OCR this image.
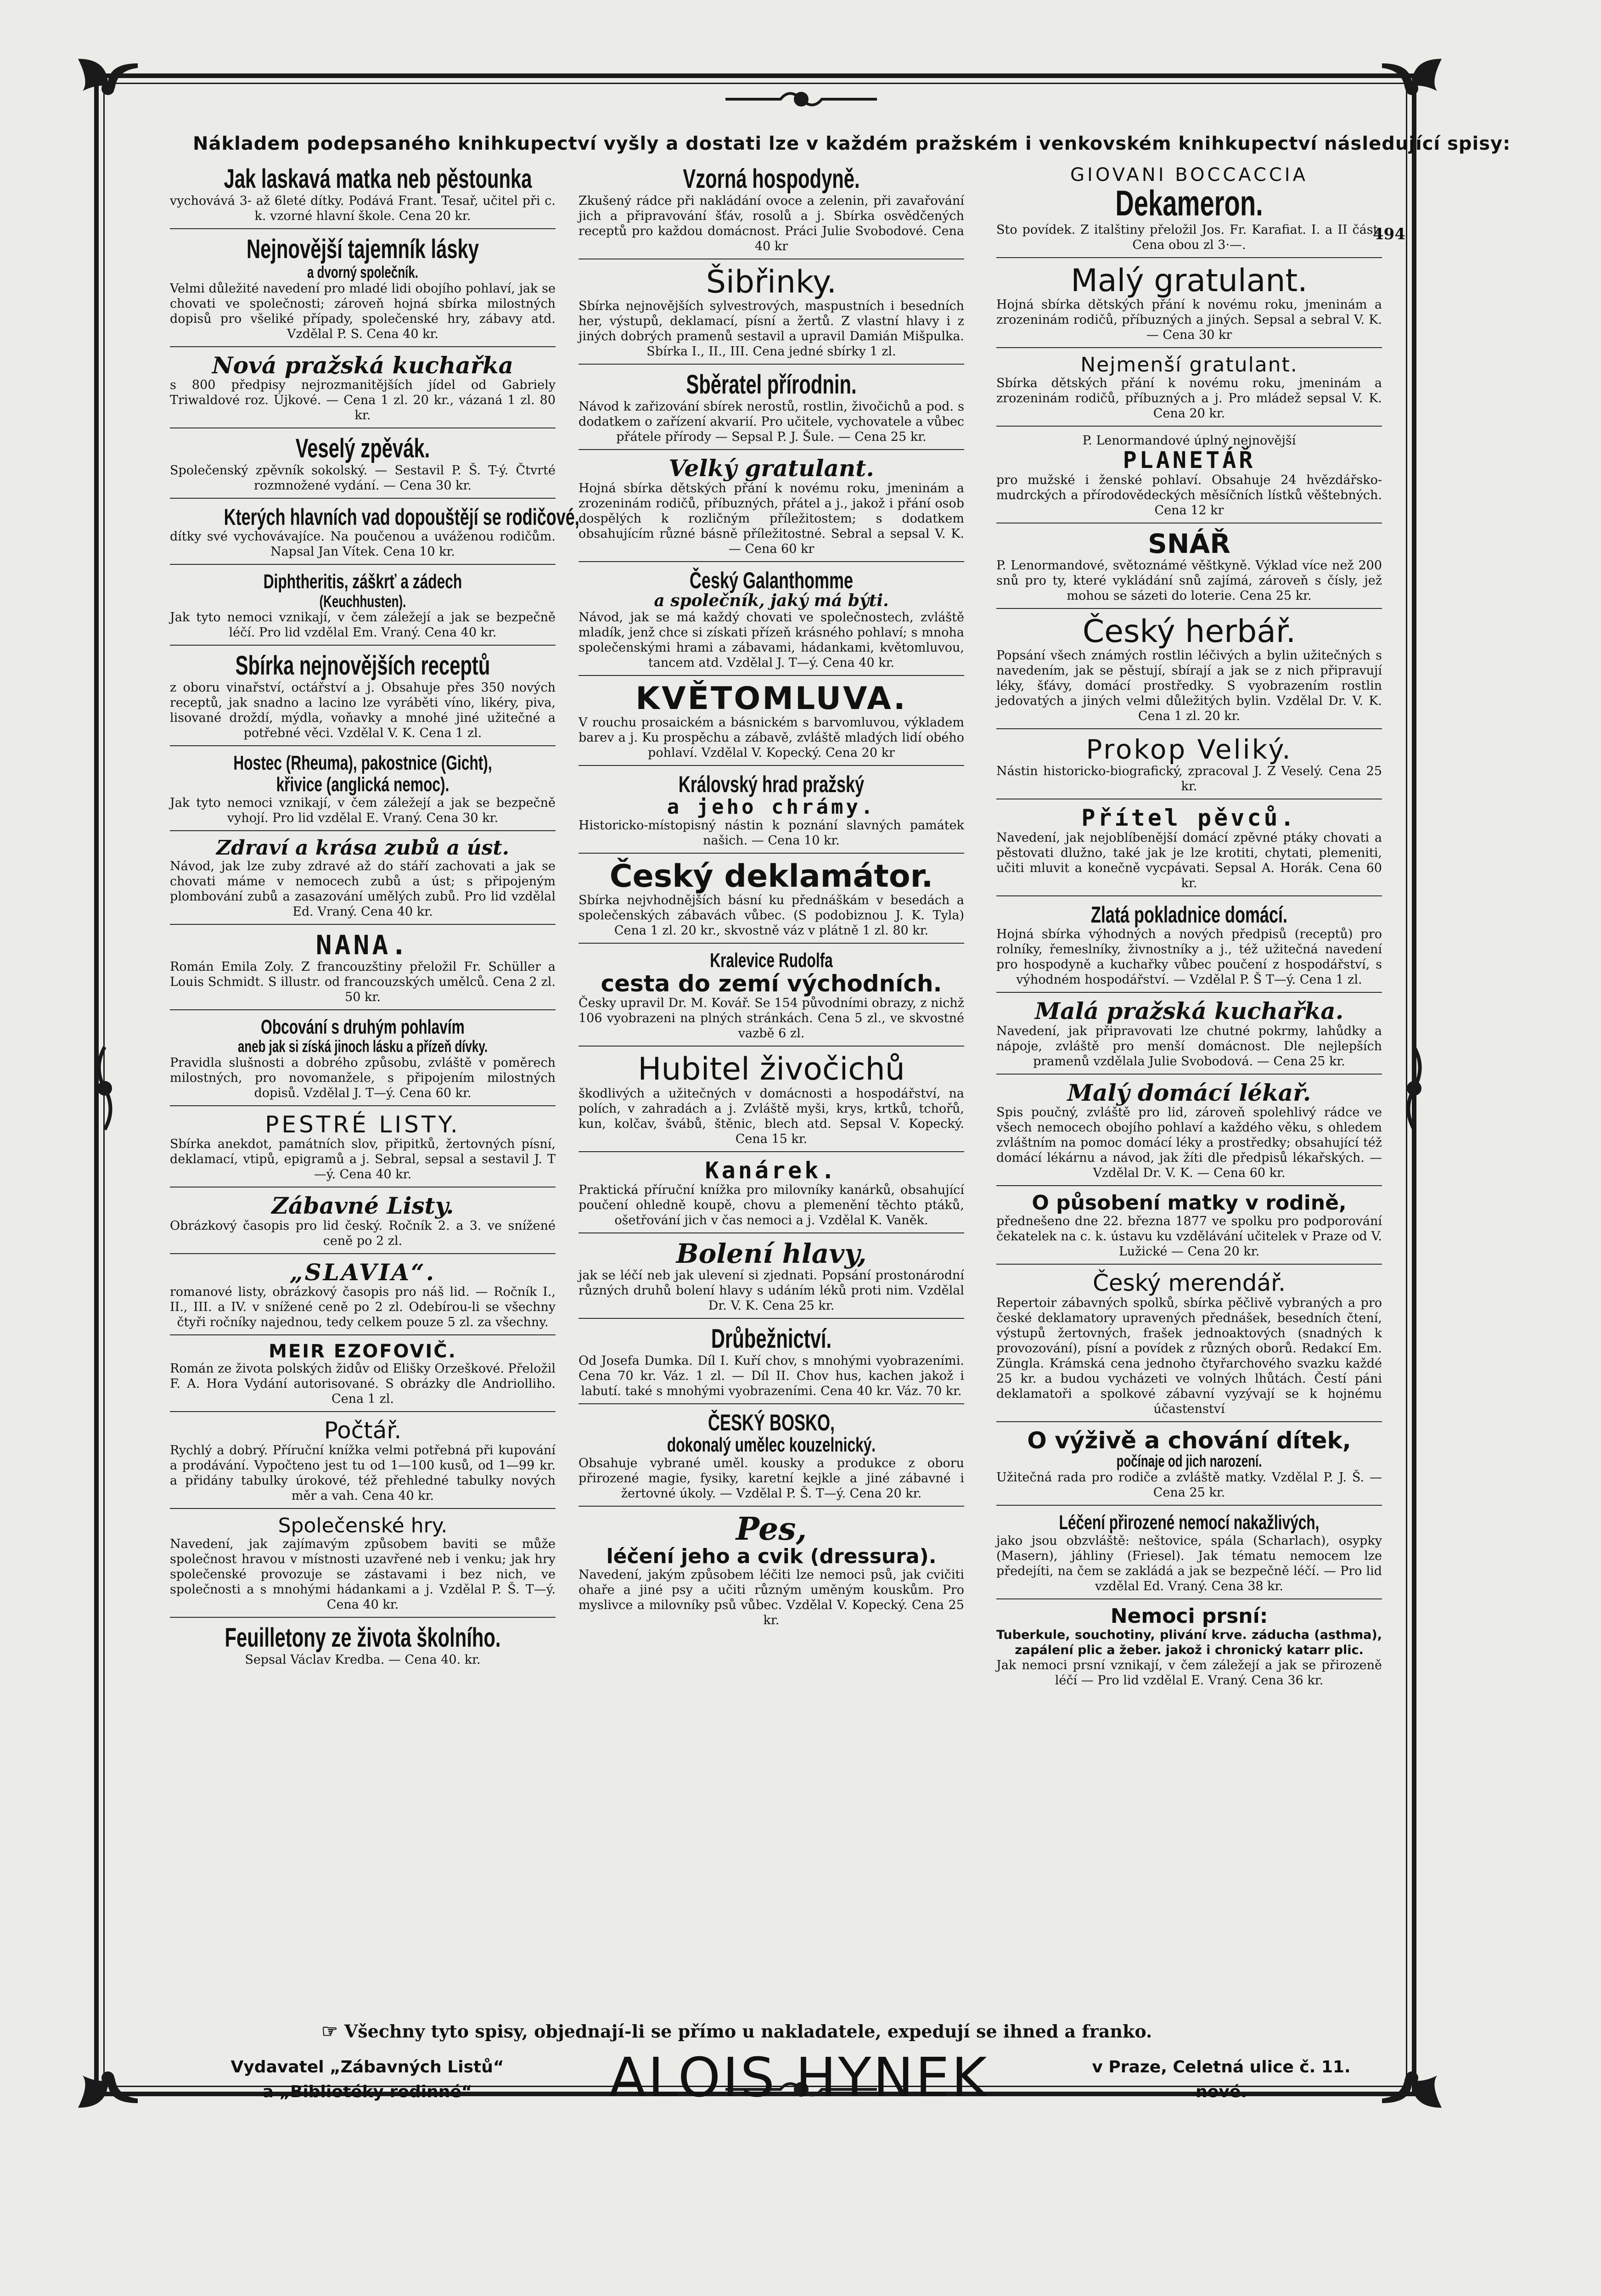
Nákladem podepsaného knihkupectví vyšly a dostati lze v každém pražském i venkovském knihkupectví následující spisy:
494
Jak laskavá matka neb pěstounka
vychovává 3- až 6leté dítky. Podává Frant. Tesař, učitel při c. k. vzorné hlavní škole. Cena 20 kr.
Nejnovější tajemník lásky
a dvorný společník.
Velmi důležité navedení pro mladé lidi obojího pohlaví, jak se chovati ve společnosti; zároveň hojná sbírka milostných dopisů pro všeliké případy, společenské hry, zábavy atd. Vzdělal P. S. Cena 40 kr.
Nová pražská kuchařka
s 800 předpisy nejrozmanitějších jídel od Gabriely Triwaldové roz. Újkové. — Cena 1 zl. 20 kr., vázaná 1 zl. 80 kr.
Veselý zpěvák.
Společenský zpěvník sokolský. — Sestavil P. Š. T-ý. Čtvrté rozmnožené vydání. — Cena 30 kr.
Kterých hlavních vad dopouštějí se rodičové,
dítky své vychovávajíce. Na poučenou a uváženou rodičům. Napsal Jan Vítek. Cena 10 kr.
Diphtheritis, záškrť a zádech
(Keuchhusten).
Jak tyto nemoci vznikají, v čem záležejí a jak se bezpečně léčí. Pro lid vzdělal Em. Vraný. Cena 40 kr.
Sbírka nejnovějších receptů
z oboru vinařství, octářství a j. Obsahuje přes 350 nových receptů, jak snadno a lacino lze vyráběti víno, likéry, piva, lisované droždí, mýdla, voňavky a mnohé jiné užitečné a potřebné věci. Vzdělal V. K. Cena 1 zl.
Hostec (Rheuma), pakostnice (Gicht),
křivice (anglická nemoc).
Jak tyto nemoci vznikají, v čem záležejí a jak se bezpečně vyhojí. Pro lid vzdělal E. Vraný. Cena 30 kr.
Zdraví a krása zubů a úst.
Návod, jak lze zuby zdravé až do stáří zachovati a jak se chovati máme v nemocech zubů a úst; s připojeným plombování zubů a zasazování umělých zubů. Pro lid vzdělal Ed. Vraný. Cena 40 kr.
NANA.
Román Emila Zoly. Z francouzštiny přeložil Fr. Schüller a Louis Schmidt. S illustr. od francouzských umělců. Cena 2 zl. 50 kr.
Obcování s druhým pohlavím
aneb jak si získá jinoch lásku a přízeň dívky.
Pravidla slušnosti a dobrého způsobu, zvláště v poměrech milostných, pro novomanžele, s připojením milostných dopisů. Vzdělal J. T—ý. Cena 60 kr.
PESTRÉ LISTY.
Sbírka anekdot, památních slov, připitků, žertovných písní, deklamací, vtipů, epigramů a j. Sebral, sepsal a sestavil J. T—ý. Cena 40 kr.
Zábavné Listy.
Obrázkový časopis pro lid český. Ročník 2. a 3. ve snížené ceně po 2 zl.
„SLAVIA“.
romanové listy, obrázkový časopis pro náš lid. — Ročník I., II., III. a IV. v snížené ceně po 2 zl. Odebírou-li se všechny čtyři ročníky najednou, tedy celkem pouze 5 zl. za všechny.
MEIR EZOFOVIČ.
Román ze života polských židův od Elišky Orzeškové. Přeložil F. A. Hora Vydání autorisované. S obrázky dle Andriolliho. Cena 1 zl.
Počtář.
Rychlý a dobrý. Příruční knížka velmi potřebná při kupování a prodávání. Vypočteno jest tu od 1—100 kusů, od 1—99 kr. a přidány tabulky úrokové, též přehledné tabulky nových měr a vah. Cena 40 kr.
Společenské hry.
Navedení, jak zajímavým způsobem baviti se může společnost hravou v místnosti uzavřené neb i venku; jak hry společenské provozuje se zástavami i bez nich, ve společnosti a s mnohými hádankami a j. Vzdělal P. Š. T—ý. Cena 40 kr.
Feuilletony ze života školního.
Sepsal Václav Kredba. — Cena 40. kr.
Vzorná hospodyně.
Zkušený rádce při nakládání ovoce a zelenin, při zavařování jich a připravování šťáv, rosolů a j. Sbírka osvědčených receptů pro každou domácnost. Práci Julie Svobodové. Cena 40 kr
Šibřinky.
Sbírka nejnovějších sylvestrových, maspustních i besedních her, výstupů, deklamací, písní a žertů. Z vlastní hlavy i z jiných dobrých pramenů sestavil a upravil Damián Mišpulka. Sbírka I., II., III. Cena jedné sbírky 1 zl.
Sběratel přírodnin.
Návod k zařizování sbírek nerostů, rostlin, živočichů a pod. s dodatkem o zařízení akvarií. Pro učitele, vychovatele a vůbec přátele přírody — Sepsal P. J. Šule. — Cena 25 kr.
Velký gratulant.
Hojná sbírka dětských přání k novému roku, jmeninám a zrozeninám rodičů, příbuzných, přátel a j., jakož i přání osob dospělých k rozličným příležitostem; s dodatkem obsahujícím různé básně příležitostné. Sebral a sepsal V. K. — Cena 60 kr
Český Galanthomme
a společník, jaký má býti.
Návod, jak se má každý chovati ve společnostech, zvláště mladík, jenž chce si získati přízeň krásného pohlaví; s mnoha společenskými hrami a zábavami, hádankami, květomluvou, tancem atd. Vzdělal J. T—ý. Cena 40 kr.
KVĚTOMLUVA.
V rouchu prosaickém a básnickém s barvomluvou, výkladem barev a j. Ku prospěchu a zábavě, zvláště mladých lidí obého pohlaví. Vzdělal V. Kopecký. Cena 20 kr
Královský hrad pražský
a jeho chrámy.
Historicko-místopisný nástin k poznání slavných památek našich. — Cena 10 kr.
Český deklamátor.
Sbírka nejvhodnějších básní ku přednáškám v besedách a společenských zábavách vůbec. (S podobiznou J. K. Tyla) Cena 1 zl. 20 kr., skvostně váz v plátně 1 zl. 80 kr.
Kralevice Rudolfa
cesta do zemí východních.
Česky upravil Dr. M. Kovář. Se 154 původními obrazy, z nichž 106 vyobrazeni na plných stránkách. Cena 5 zl., ve skvostné vazbě 6 zl.
Hubitel živočichů
škodlivých a užitečných v domácnosti a hospodářství, na polích, v zahradách a j. Zvláště myši, krys, krtků, tchořů, kun, kolčav, švábů, štěnic, blech atd. Sepsal V. Kopecký. Cena 15 kr.
Kanárek.
Praktická příruční knížka pro milovníky kanárků, obsahující poučení ohledně koupě, chovu a plemenění těchto ptáků, ošetřování jich v čas nemoci a j. Vzdělal K. Vaněk.
Bolení hlavy,
jak se léčí neb jak ulevení si zjednati. Popsání prostonárodní různých druhů bolení hlavy s udáním léků proti nim. Vzdělal Dr. V. K. Cena 25 kr.
Drůbežnictví.
Od Josefa Dumka. Díl I. Kuří chov, s mnohými vyobrazeními. Cena 70 kr. Váz. 1 zl. — Díl II. Chov hus, kachen jakož i labutí. také s mnohými vyobrazeními. Cena 40 kr. Váz. 70 kr.
ČESKÝ BOSKO,
dokonalý umělec kouzelnický.
Obsahuje vybrané uměl. kousky a produkce z oboru přirozené magie, fysiky, karetní kejkle a jiné zábavné i žertovné úkoly. — Vzdělal P. Š. T—ý. Cena 20 kr.
Pes,
léčení jeho a cvik (dressura).
Navedení, jakým způsobem léčiti lze nemoci psů, jak cvičiti ohaře a jiné psy a učiti různým uměným kouskům. Pro myslivce a milovníky psů vůbec. Vzdělal V. Kopecký. Cena 25 kr.
GIOVANI BOCCACCIA
Dekameron.
Sto povídek. Z italštiny přeložil Jos. Fr. Karafiat. I. a II část. Cena obou zl 3·—.
Malý gratulant.
Hojná sbírka dětských přání k novému roku, jmeninám a zrozeninám rodičů, příbuzných a jiných. Sepsal a sebral V. K. — Cena 30 kr
Nejmenší gratulant.
Sbírka dětských přání k novému roku, jmeninám a zrozeninám rodičů, příbuzných a j. Pro mládež sepsal V. K. Cena 20 kr.
P. Lenormandové úplný nejnovější
PLANETÁŘ
pro mužské i ženské pohlaví. Obsahuje 24 hvězdářsko-mudrckých a přírodovědeckých měsíčních lístků věštebných. Cena 12 kr
SNÁŘ
P. Lenormandové, světoznámé věštkyně. Výklad více než 200 snů pro ty, které vykládání snů zajímá, zároveň s čísly, jež mohou se sázeti do loterie. Cena 25 kr.
Český herbář.
Popsání všech známých rostlin léčivých a bylin užitečných s navedením, jak se pěstují, sbírají a jak se z nich připravují léky, šťávy, domácí prostředky. S vyobrazením rostlin jedovatých a jiných velmi důležitých bylin. Vzdělal Dr. V. K. Cena 1 zl. 20 kr.
Prokop Veliký.
Nástin historicko-biografický, zpracoval J. Z Veselý. Cena 25 kr.
Přítel pěvců.
Navedení, jak nejoblíbenější domácí zpěvné ptáky chovati a pěstovati dlužno, také jak je lze krotiti, chytati, plemeniti, učiti mluvit a konečně vycpávati. Sepsal A. Horák. Cena 60 kr.
Zlatá pokladnice domácí.
Hojná sbírka výhodných a nových předpisů (receptů) pro rolníky, řemeslníky, živnostníky a j., též užitečná navedení pro hospodyně a kuchařky vůbec poučení z hospodářství, s výhodném hospodářství. — Vzdělal P. Š T—ý. Cena 1 zl.
Malá pražská kuchařka.
Navedení, jak připravovati lze chutné pokrmy, lahůdky a nápoje, zvláště pro menší domácnost. Dle nejlepších pramenů vzdělala Julie Svobodová. — Cena 25 kr.
Malý domácí lékař.
Spis poučný, zvláště pro lid, zároveň spolehlivý rádce ve všech nemocech obojího pohlaví a každého věku, s ohledem zvláštním na pomoc domácí léky a prostředky; obsahující též domácí lékárnu a návod, jak žíti dle předpisů lékařských. — Vzdělal Dr. V. K. — Cena 60 kr.
O působení matky v rodině,
přednešeno dne 22. března 1877 ve spolku pro podporování čekatelek na c. k. ústavu ku vzdělávání učitelek v Praze od V. Lužické — Cena 20 kr.
Český merendář.
Repertoir zábavných spolků, sbírka pěčlivě vybraných a pro české deklamatory upravených přednášek, besedních čtení, výstupů žertovných, frašek jednoaktových (snadných k provozování), písní a povídek z různých oborů. Redakcí Em. Züngla. Krámská cena jednoho čtyřarchového svazku každé 25 kr. a budou vycházeti ve volných lhůtách. Čestí páni deklamatoři a spolkové zábavní vyzývají se k hojnému účastenství
O výživě a chování dítek,
počínaje od jich narození.
Užitečná rada pro rodiče a zvláště matky. Vzdělal P. J. Š. — Cena 25 kr.
Léčení přirozené nemocí nakažlivých,
jako jsou obzvláště: neštovice, spála (Scharlach), osypky (Masern), jáhliny (Friesel). Jak tématu nemocem lze předejíti, na čem se zakládá a jak se bezpečně léčí. — Pro lid vzdělal Ed. Vraný. Cena 38 kr.
Nemoci prsní:
Tuberkule, souchotiny, plivání krve. záducha (asthma), zapálení plic a žeber. jakož i chronický katarr plic.
Jak nemoci prsní vznikají, v čem záležejí a jak se přirozeně léčí — Pro lid vzdělal E. Vraný. Cena 36 kr.
☞ Všechny tyto spisy, objednají-li se přímo u nakladatele, expedují se ihned a franko.
Vydavatel „Zábavných Listů“
a „Bibliotéky rodinné“	ALOIS HYNEK	v Praze, Celetná ulice č. 11.
nové.
